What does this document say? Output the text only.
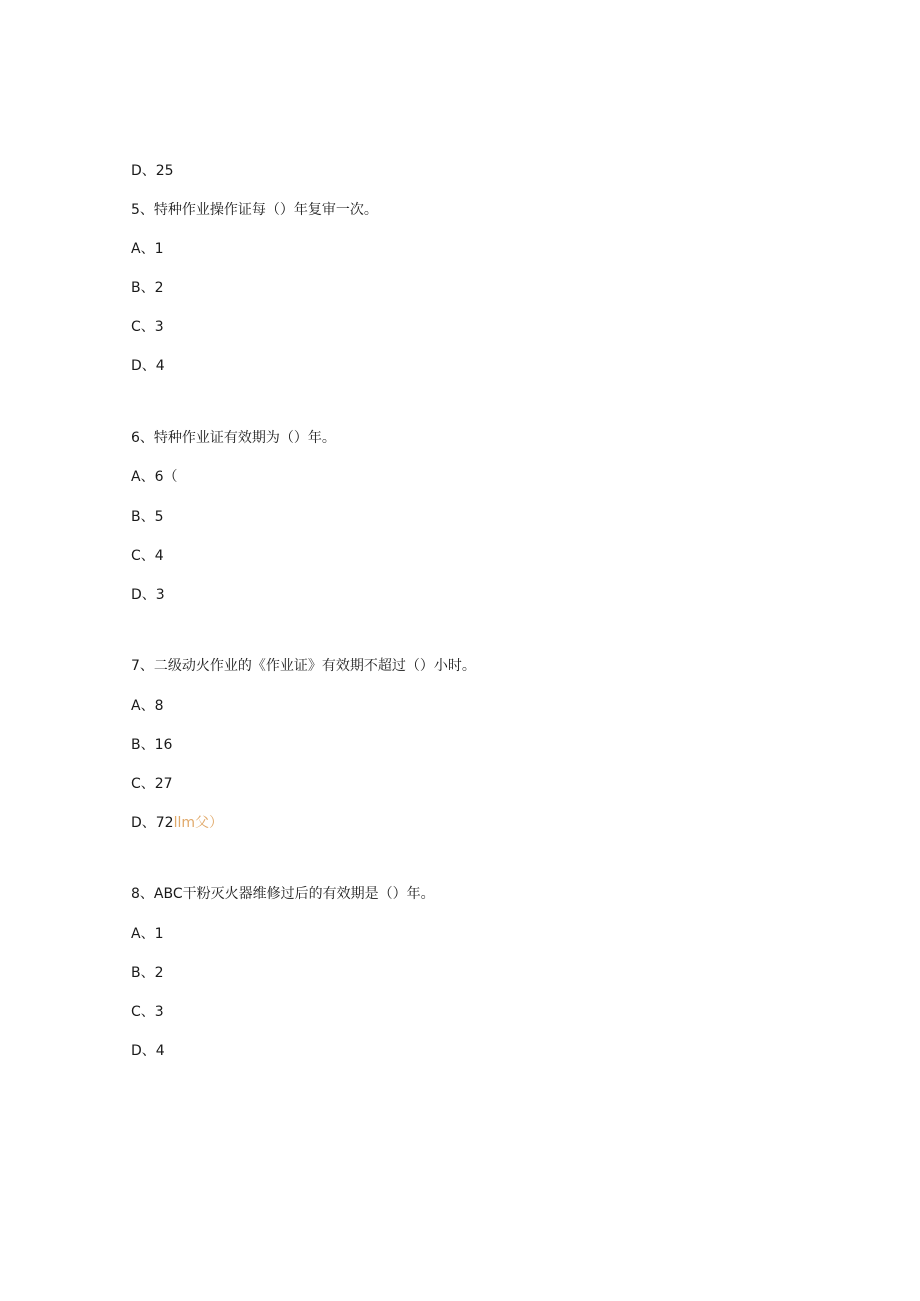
D、25
5、特种作业操作证每（）年复审一次。
A、1
B、2
C、3
D、4
6、特种作业证有效期为（）年。
A、6（
B、5
C、4
D、3
7、二级动火作业的《作业证》有效期不超过（）小时。
A、8
B、16
C、27
D、72llm父）
8、ABC干粉灭火器维修过后的有效期是（）年。
A、1
B、2
C、3
D、4
